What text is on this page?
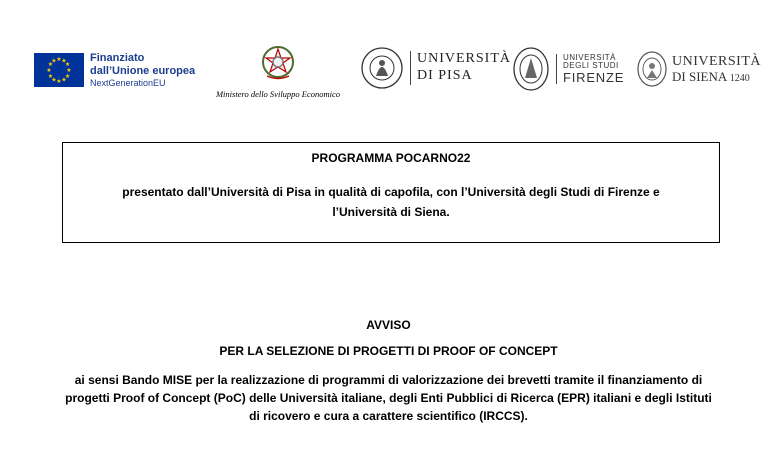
★ ★
★
★
★
★
★
★
★
★
★
★	Finanziato
dall’Unione europea
NextGenerationEU
Ministero dello Sviluppo Economico
UNIVERSITÀ
DI PISA
UNIVERSITÀ
DEGLI STUDI
FIRENZE
UNIVERSITÀ
DI SIENA 1240
PROGRAMMA POCARNO22
presentato dall’Università di Pisa in qualità di capofila, con l’Università degli Studi di Firenze e l’Università di Siena.
AVVISO
PER LA SELEZIONE DI PROGETTI DI PROOF OF CONCEPT
ai sensi Bando MISE per la realizzazione di programmi di valorizzazione dei brevetti tramite il finanziamento di progetti Proof of Concept (PoC) delle Università italiane, degli Enti Pubblici di Ricerca (EPR) italiani e degli Istituti di ricovero e cura a carattere scientifico (IRCCS).
